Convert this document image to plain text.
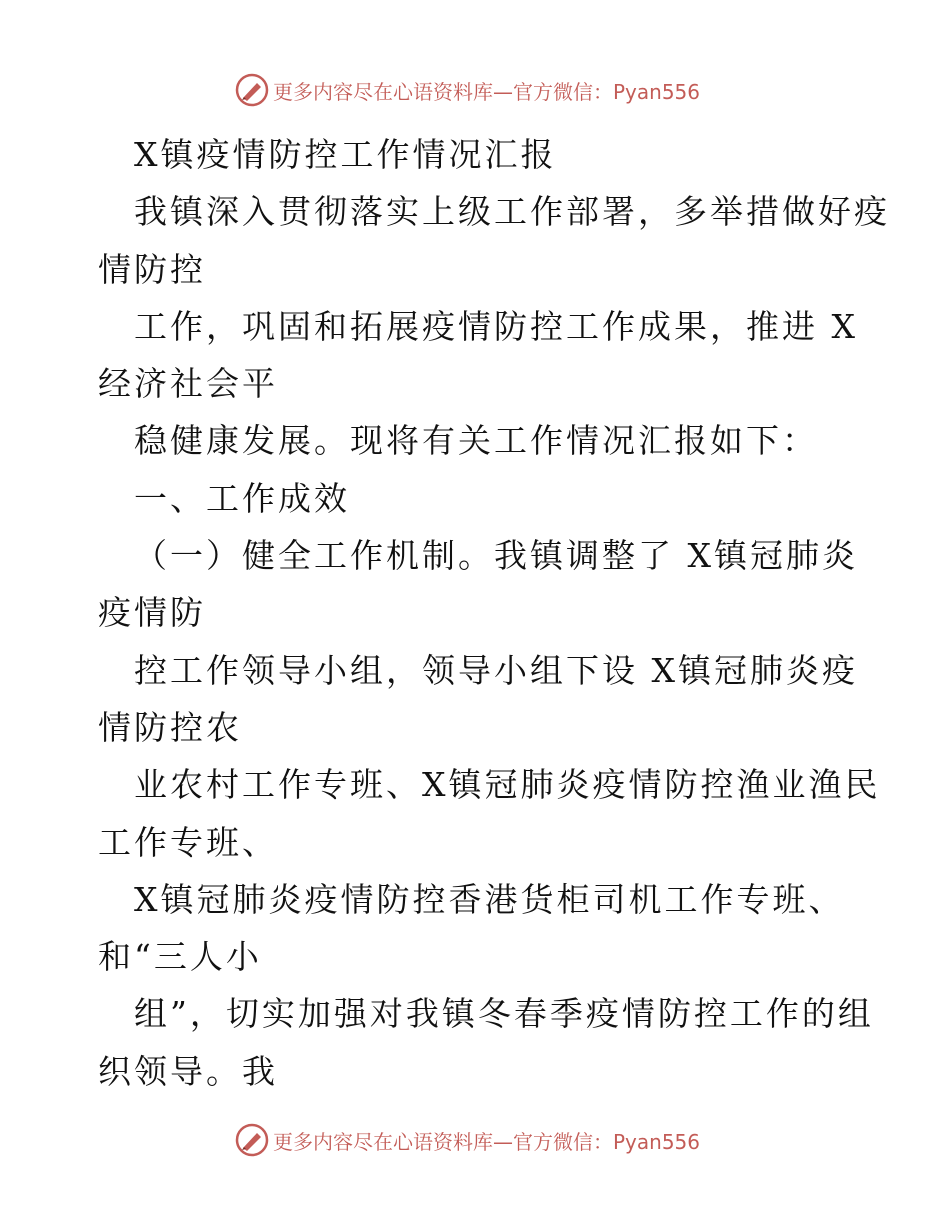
更多内容尽在心语资料库—官方微信：Pyan556
X镇疫情防控工作情况汇报
我镇深入贯彻落实上级工作部署，多举措做好疫
情防控
工作，巩固和拓展疫情防控工作成果，推进 X
经济社会平
稳健康发展。现将有关工作情况汇报如下：
一、工作成效
（一）健全工作机制。我镇调整了 X镇冠肺炎
疫情防
控工作领导小组，领导小组下设 X镇冠肺炎疫
情防控农
业农村工作专班、X镇冠肺炎疫情防控渔业渔民
工作专班、
X镇冠肺炎疫情防控香港货柜司机工作专班、
和“三人小
组”，切实加强对我镇冬春季疫情防控工作的组
织领导。我
更多内容尽在心语资料库—官方微信：Pyan556
